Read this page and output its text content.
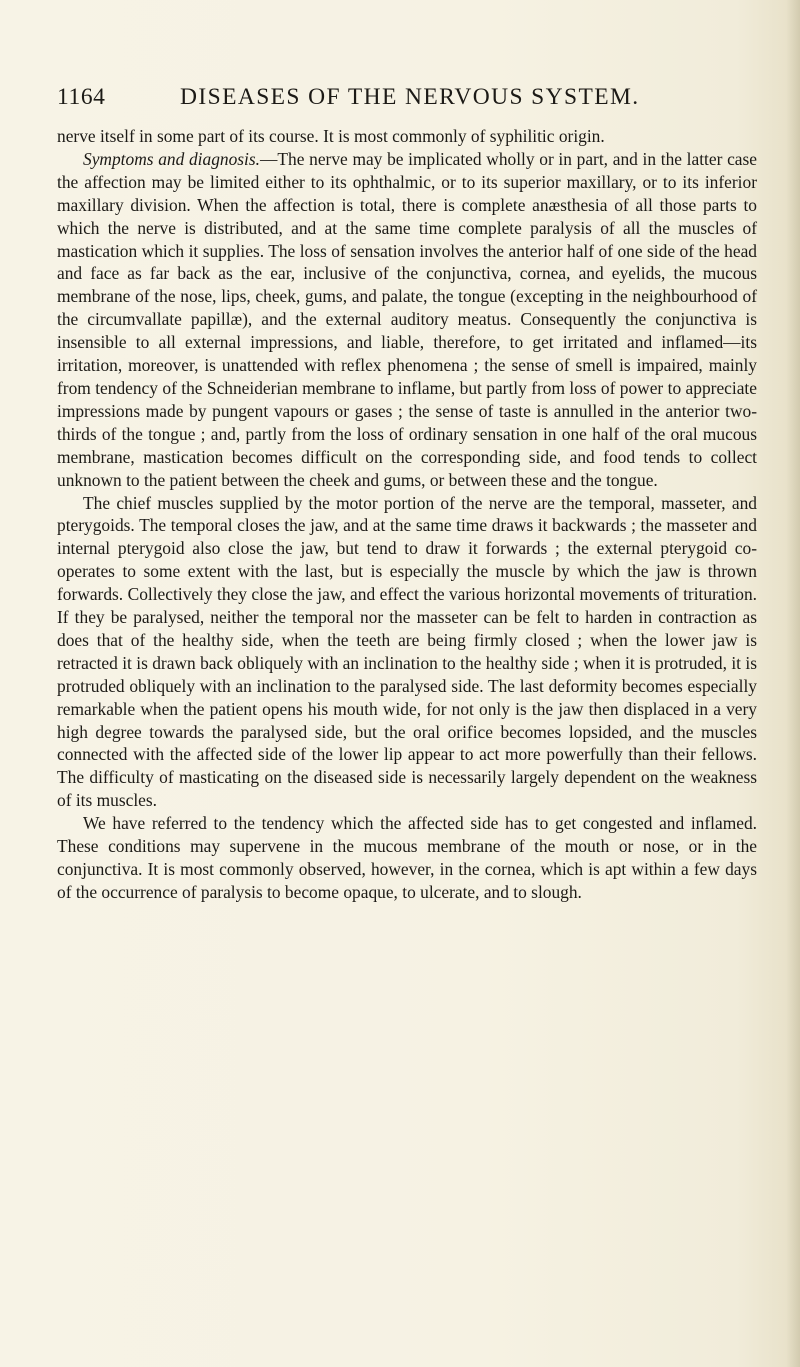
1164	DISEASES OF THE NERVOUS SYSTEM.

nerve itself in some part of its course. It is most commonly of syphilitic origin.

Symptoms and diagnosis.—The nerve may be implicated wholly or in part, and in the latter case the affection may be limited either to its ophthalmic, or to its superior maxillary, or to its inferior maxillary division. When the affection is total, there is complete anæsthesia of all those parts to which the nerve is distributed, and at the same time complete paralysis of all the muscles of mastication which it supplies. The loss of sensation involves the anterior half of one side of the head and face as far back as the ear, inclusive of the conjunctiva, cornea, and eyelids, the mucous membrane of the nose, lips, cheek, gums, and palate, the tongue (excepting in the neighbourhood of the circumvallate papillæ), and the external auditory meatus. Consequently the conjunctiva is insensible to all external impressions, and liable, therefore, to get irritated and inflamed—its irritation, moreover, is unattended with reflex phenomena ; the sense of smell is impaired, mainly from tendency of the Schneiderian membrane to inflame, but partly from loss of power to appreciate impressions made by pungent vapours or gases ; the sense of taste is annulled in the anterior two-thirds of the tongue ; and, partly from the loss of ordinary sensation in one half of the oral mucous membrane, mastication becomes difficult on the corresponding side, and food tends to collect unknown to the patient between the cheek and gums, or between these and the tongue.

The chief muscles supplied by the motor portion of the nerve are the temporal, masseter, and pterygoids. The temporal closes the jaw, and at the same time draws it backwards ; the masseter and internal pterygoid also close the jaw, but tend to draw it forwards ; the external pterygoid co-operates to some extent with the last, but is especially the muscle by which the jaw is thrown forwards. Collectively they close the jaw, and effect the various horizontal movements of trituration. If they be paralysed, neither the temporal nor the masseter can be felt to harden in contraction as does that of the healthy side, when the teeth are being firmly closed ; when the lower jaw is retracted it is drawn back obliquely with an inclination to the healthy side ; when it is protruded, it is protruded obliquely with an inclination to the paralysed side. The last deformity becomes especially remarkable when the patient opens his mouth wide, for not only is the jaw then displaced in a very high degree towards the paralysed side, but the oral orifice becomes lopsided, and the muscles connected with the affected side of the lower lip appear to act more powerfully than their fellows. The difficulty of masticating on the diseased side is necessarily largely dependent on the weakness of its muscles.

We have referred to the tendency which the affected side has to get congested and inflamed. These conditions may supervene in the mucous membrane of the mouth or nose, or in the conjunctiva. It is most commonly observed, however, in the cornea, which is apt within a few days of the occurrence of paralysis to become opaque, to ulcerate, and to slough.
